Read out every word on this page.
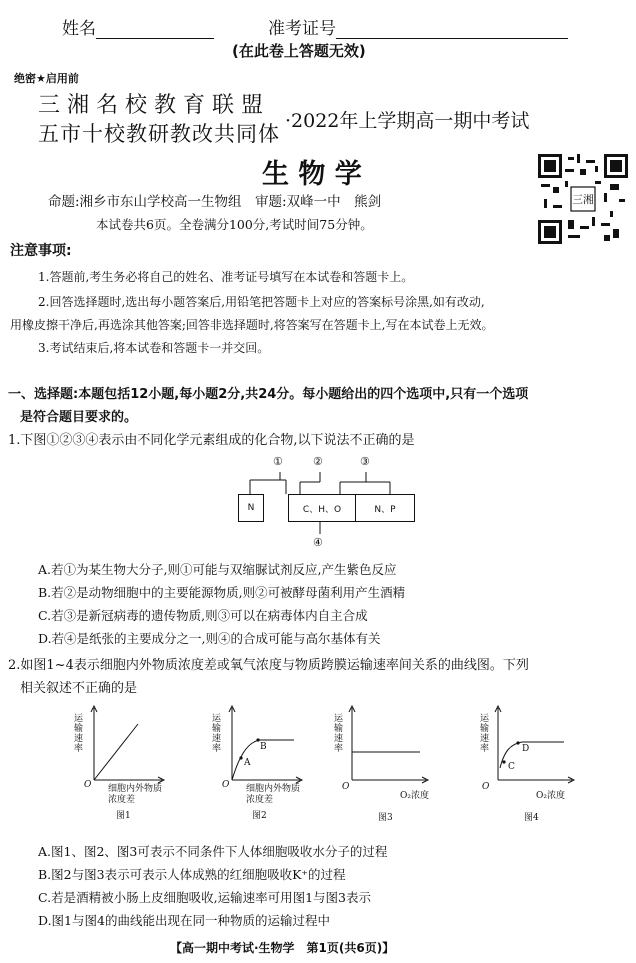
姓名	准考证号
(在此卷上答题无效)
绝密★启用前
三湘名校教育联盟
五市十校教研教改共同体
·2022年上学期高一期中考试
生 物 学
三湘
命题:湘乡市东山学校高一生物组　审题:双峰一中　熊剑
本试卷共6页。全卷满分100分,考试时间75分钟。
注意事项:
1.答题前,考生务必将自己的姓名、准考证号填写在本试卷和答题卡上。
2.回答选择题时,选出每小题答案后,用铅笔把答题卡上对应的答案标号涂黑,如有改动,
用橡皮擦干净后,再选涂其他答案;回答非选择题时,将答案写在答题卡上,写在本试卷上无效。
3.考试结束后,将本试卷和答题卡一并交回。
一、选择题:本题包括12小题,每小题2分,共24分。每小题给出的四个选项中,只有一个选项
是符合题目要求的。
1.下图①②③④表示由不同化学元素组成的化合物,以下说法不正确的是
①	②	③
④
N	C、H、O	N、P
A.若①为某生物大分子,则①可能与双缩脲试剂反应,产生紫色反应
B.若②是动物细胞中的主要能源物质,则②可被酵母菌利用产生酒精
C.若③是新冠病毒的遗传物质,则③可以在病毒体内自主合成
D.若④是纸张的主要成分之一,则④的合成可能与高尔基体有关
2.如图1~4表示细胞内外物质浓度差或氧气浓度与物质跨膜运输速率间关系的曲线图。下列
相关叙述不正确的是
运输速率
O 细胞内外物质浓度差
图1
运输速率
O
A
B
细胞内外物质浓度差
图2
运输速率
O
O₂浓度
图3
运输速率
O
C
D
O₂浓度
图4
A.图1、图2、图3可表示不同条件下人体细胞吸收水分子的过程
B.图2与图3表示可表示人体成熟的红细胞吸收K⁺的过程
C.若是酒精被小肠上皮细胞吸收,运输速率可用图1与图3表示
D.图1与图4的曲线能出现在同一种物质的运输过程中
【高一期中考试·生物学　第1页(共6页)】
